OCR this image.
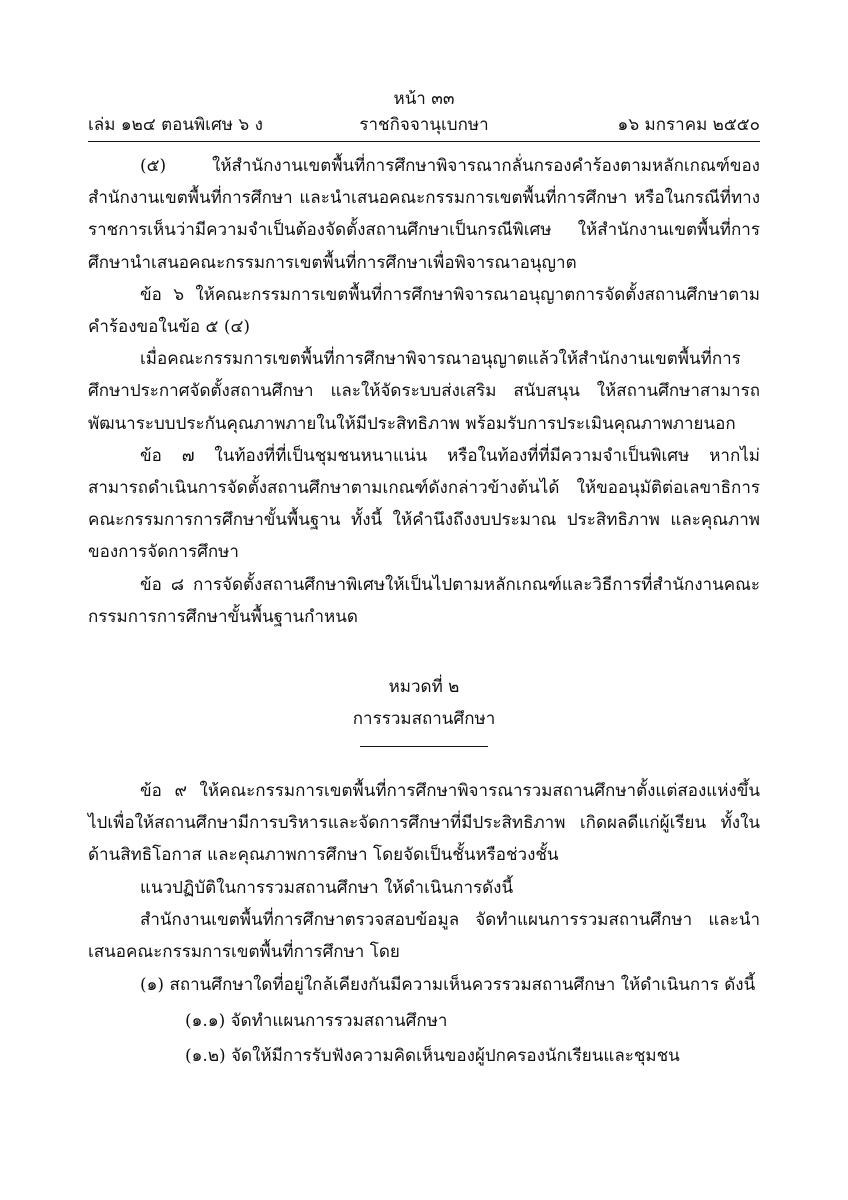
หน้า ๓๓
ราชกิจจานุเบกษา
เล่ม ๑๒๔ ตอนพิเศษ ๖ ง	๑๖ มกราคม ๒๕๕๐

(๕) ให้สำนักงานเขตพื้นที่การศึกษาพิจารณากลั่นกรองคำร้องตามหลักเกณฑ์ของสำนักงานเขตพื้นที่การศึกษา และนำเสนอคณะกรรมการเขตพื้นที่การศึกษา หรือในกรณีที่ทางราชการเห็นว่ามีความจำเป็นต้องจัดตั้งสถานศึกษาเป็นกรณีพิเศษ ให้สำนักงานเขตพื้นที่การศึกษานำเสนอคณะกรรมการเขตพื้นที่การศึกษาเพื่อพิจารณาอนุญาต

ข้อ ๖ ให้คณะกรรมการเขตพื้นที่การศึกษาพิจารณาอนุญาตการจัดตั้งสถานศึกษาตามคำร้องขอในข้อ ๕ (๔)

เมื่อคณะกรรมการเขตพื้นที่การศึกษาพิจารณาอนุญาตแล้วให้สำนักงานเขตพื้นที่การศึกษาประกาศจัดตั้งสถานศึกษา และให้จัดระบบส่งเสริม สนับสนุน ให้สถานศึกษาสามารถพัฒนาระบบประกันคุณภาพภายในให้มีประสิทธิภาพ พร้อมรับการประเมินคุณภาพภายนอก

ข้อ ๗ ในท้องที่ที่เป็นชุมชนหนาแน่น หรือในท้องที่ที่มีความจำเป็นพิเศษ หากไม่สามารถดำเนินการจัดตั้งสถานศึกษาตามเกณฑ์ดังกล่าวข้างต้นได้ ให้ขออนุมัติต่อเลขาธิการคณะกรรมการการศึกษาขั้นพื้นฐาน ทั้งนี้ ให้คำนึงถึงงบประมาณ ประสิทธิภาพ และคุณภาพของการจัดการศึกษา

ข้อ ๘ การจัดตั้งสถานศึกษาพิเศษให้เป็นไปตามหลักเกณฑ์และวิธีการที่สำนักงานคณะกรรมการการศึกษาขั้นพื้นฐานกำหนด

หมวดที่ ๒

การรวมสถานศึกษา

ข้อ ๙ ให้คณะกรรมการเขตพื้นที่การศึกษาพิจารณารวมสถานศึกษาตั้งแต่สองแห่งขึ้นไปเพื่อให้สถานศึกษามีการบริหารและจัดการศึกษาที่มีประสิทธิภาพ เกิดผลดีแก่ผู้เรียน ทั้งในด้านสิทธิโอกาส และคุณภาพการศึกษา โดยจัดเป็นชั้นหรือช่วงชั้น

แนวปฏิบัติในการรวมสถานศึกษา ให้ดำเนินการดังนี้

สำนักงานเขตพื้นที่การศึกษาตรวจสอบข้อมูล จัดทำแผนการรวมสถานศึกษา และนำเสนอคณะกรรมการเขตพื้นที่การศึกษา โดย

(๑) สถานศึกษาใดที่อยู่ใกล้เคียงกันมีความเห็นควรรวมสถานศึกษา ให้ดำเนินการ ดังนี้

(๑.๑) จัดทำแผนการรวมสถานศึกษา

(๑.๒) จัดให้มีการรับฟังความคิดเห็นของผู้ปกครองนักเรียนและชุมชน
